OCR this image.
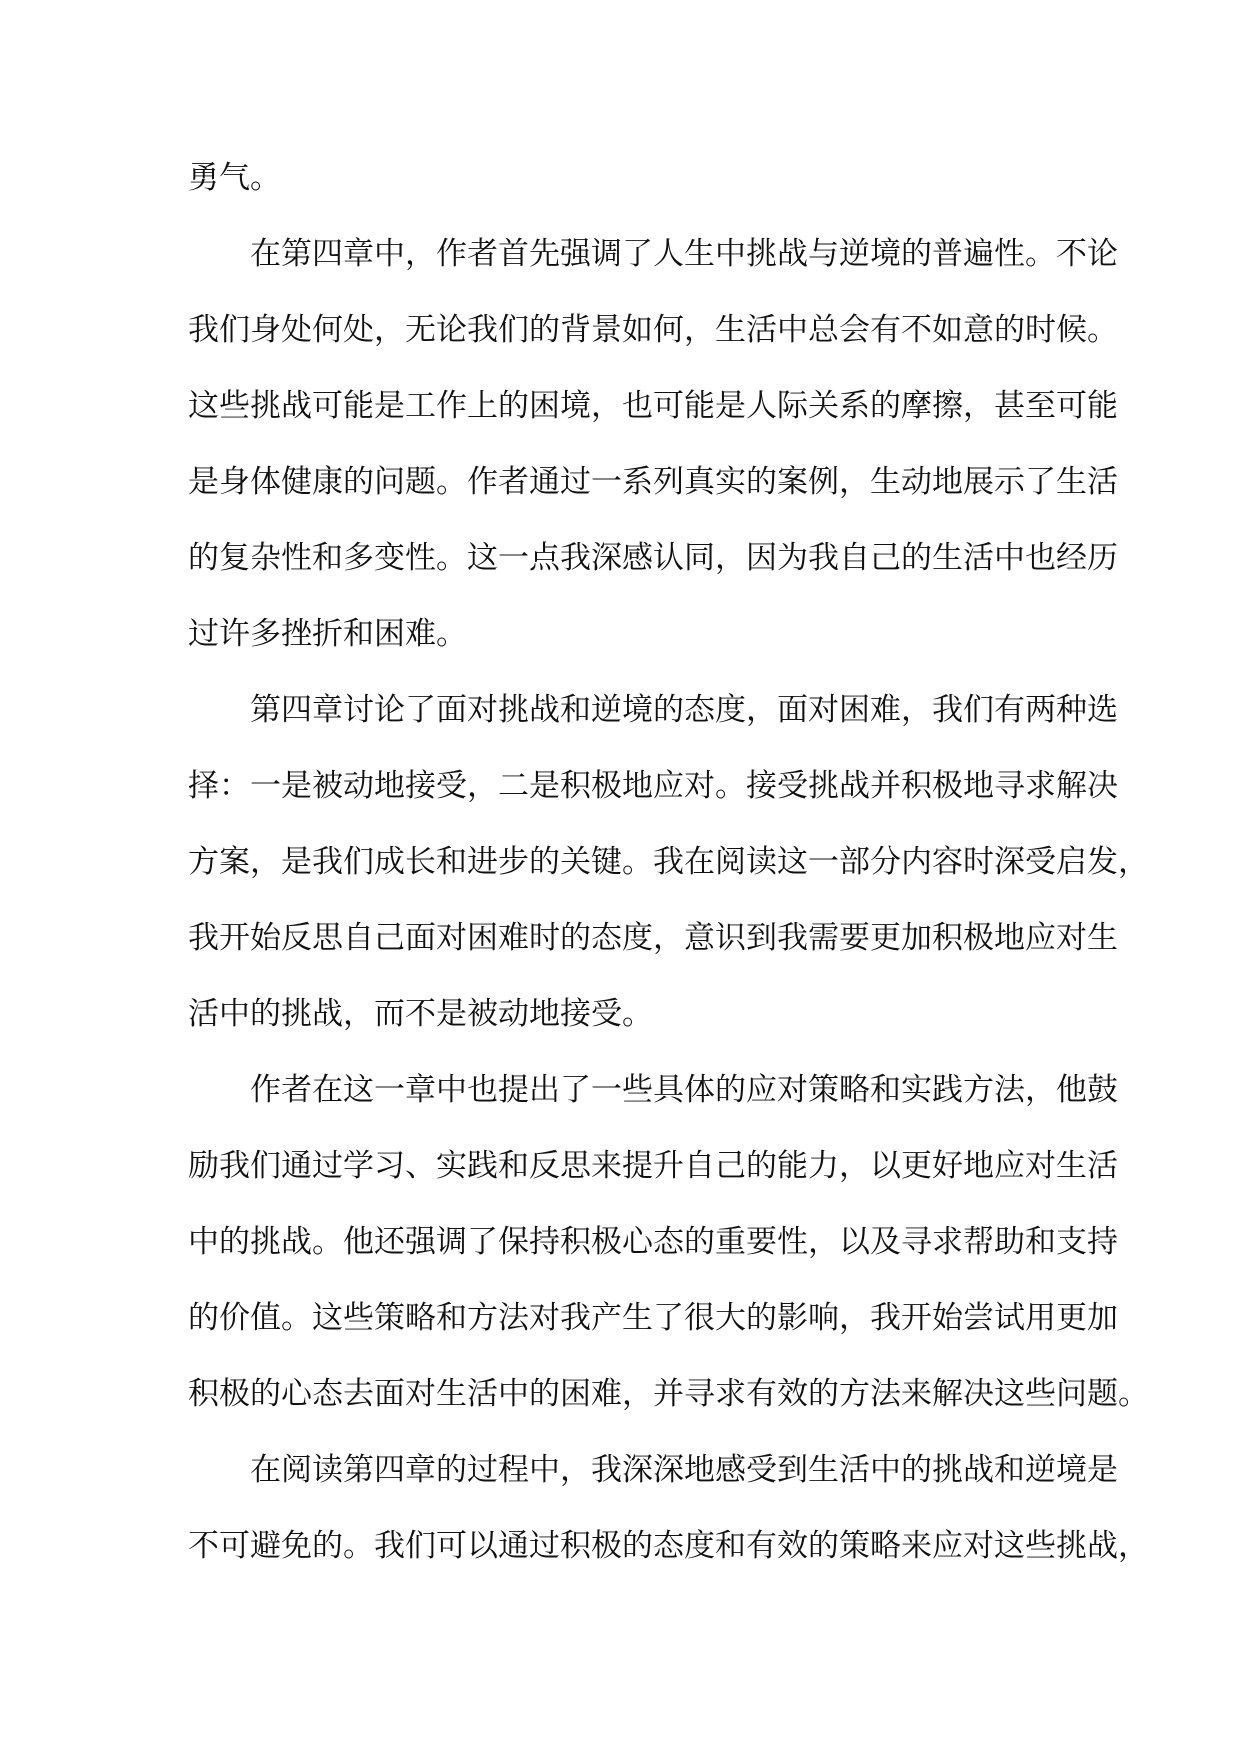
勇气。
在第四章中，作者首先强调了人生中挑战与逆境的普遍性。不论
我们身处何处，无论我们的背景如何，生活中总会有不如意的时候。
这些挑战可能是工作上的困境，也可能是人际关系的摩擦，甚至可能
是身体健康的问题。作者通过一系列真实的案例，生动地展示了生活
的复杂性和多变性。这一点我深感认同，因为我自己的生活中也经历
过许多挫折和困难。
第四章讨论了面对挑战和逆境的态度，面对困难，我们有两种选
择：一是被动地接受，二是积极地应对。接受挑战并积极地寻求解决
方案，是我们成长和进步的关键。我在阅读这一部分内容时深受启发，
我开始反思自己面对困难时的态度，意识到我需要更加积极地应对生
活中的挑战，而不是被动地接受。
作者在这一章中也提出了一些具体的应对策略和实践方法，他鼓
励我们通过学习、实践和反思来提升自己的能力，以更好地应对生活
中的挑战。他还强调了保持积极心态的重要性，以及寻求帮助和支持
的价值。这些策略和方法对我产生了很大的影响，我开始尝试用更加
积极的心态去面对生活中的困难，并寻求有效的方法来解决这些问题。
在阅读第四章的过程中，我深深地感受到生活中的挑战和逆境是
不可避免的。我们可以通过积极的态度和有效的策略来应对这些挑战，
